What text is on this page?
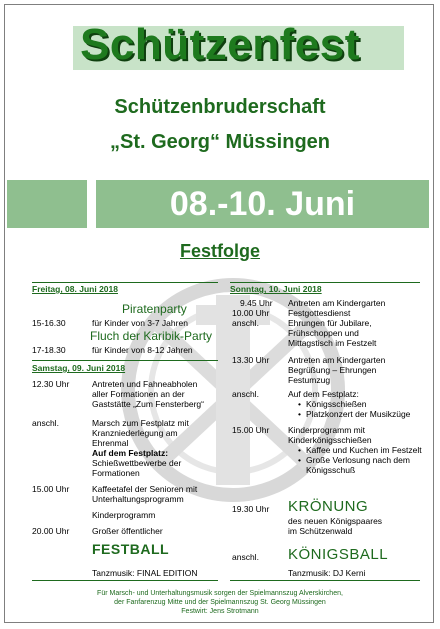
Schützenfest
Schützenbruderschaft
„St. Georg“ Müssingen
08.-10. Juni
Festfolge
Freitag, 08. Juni 2018
Piratenparty
15-16.30	für Kinder von 3-7 Jahren
Fluch der Karibik-Party
17-18.30	für Kinder von 8-12 Jahren
Samstag, 09. Juni 2018
12.30 Uhr	Antreten und Fahneabholen
aller Formationen an der
Gaststätte „Zum Fensterberg“
anschl.	Marsch zum Festplatz mit
Kranzniederlegung am
Ehrenmal
Auf dem Festplatz:
Schießwettbewerbe der
Formationen
15.00 Uhr	Kaffeetafel der Senioren mit
Unterhaltungsprogramm
Kinderprogramm
20.00 Uhr	Großer öffentlicher
FESTBALL
Tanzmusik: FINAL EDITION
Sonntag, 10. Juni 2018
9.45 Uhr Antreten am Kindergarten
10.00 Uhr Festgottesdienst
anschl.	Ehrungen für Jubilare,
Frühschoppen und
Mittagstisch im Festzelt
13.30 Uhr Antreten am Kindergarten
Begrüßung – Ehrungen
Festumzug
anschl.	Auf dem Festplatz:
• Königsschießen
• Platzkonzert der Musikzüge
15.00 Uhr Kinderprogramm mit
Kinderkönigsschießen
• Kaffee und Kuchen im Festzelt
• Große Verlosung nach dem Königsschuß
19.30 Uhr KRÖNUNG
des neuen Königspaares
im Schützenwald
anschl. KÖNIGSBALL
Tanzmusik: DJ Kerni
Für Marsch- und Unterhaltungsmusik sorgen der Spielmannszug Alverskirchen,
der Fanfarenzug Mitte und der Spielmannszug St. Georg Müssingen
Festwirt: Jens Strotmann
